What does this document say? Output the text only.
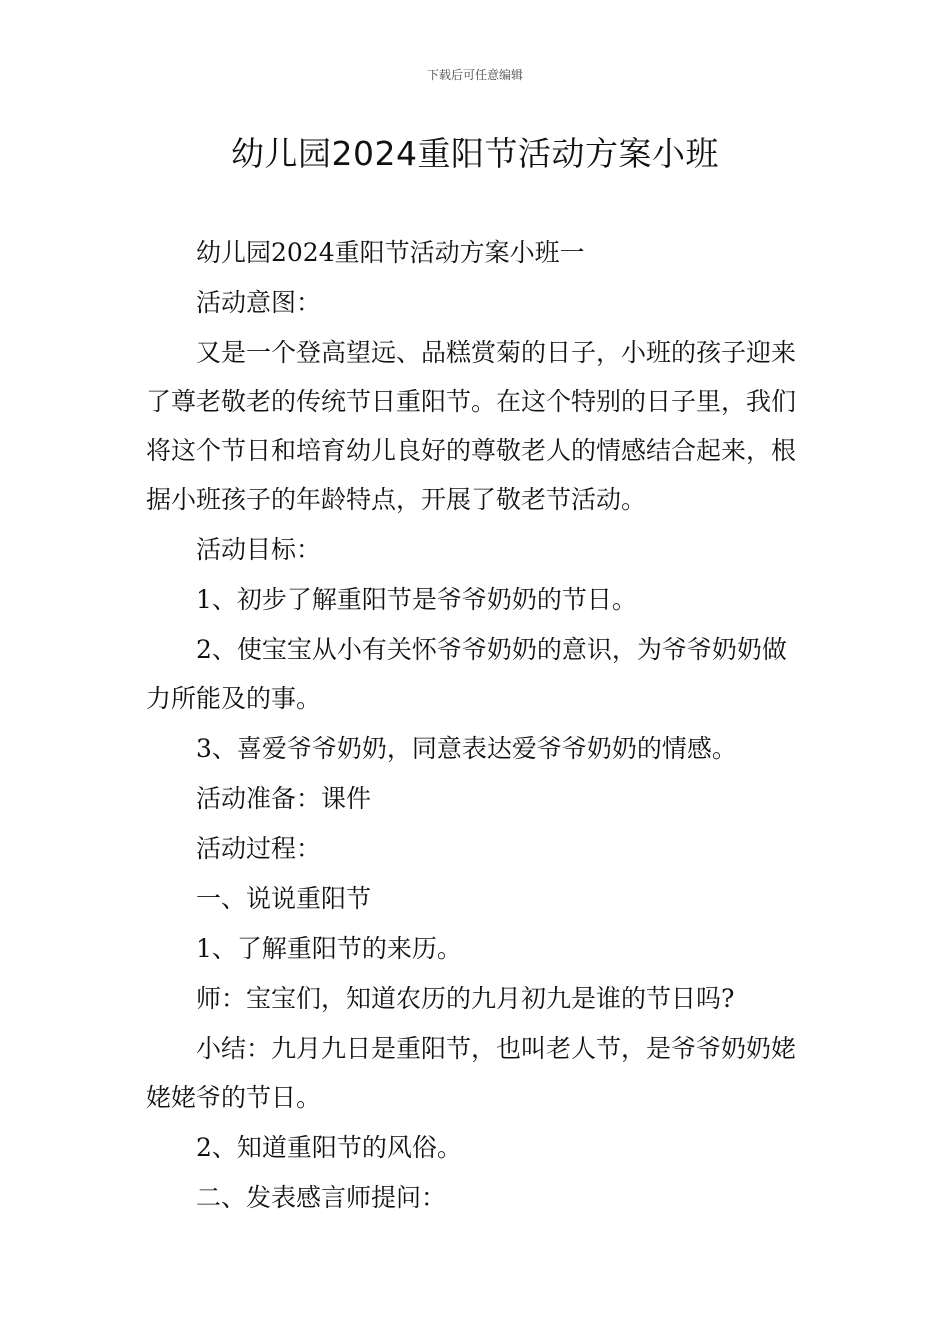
下载后可任意编辑
幼儿园2024重阳节活动方案小班

幼儿园2024重阳节活动方案小班一

活动意图：

又是一个登高望远、品糕赏菊的日子，小班的孩子迎来了尊老敬老的传统节日重阳节。在这个特别的日子里，我们将这个节日和培育幼儿良好的尊敬老人的情感结合起来，根据小班孩子的年龄特点，开展了敬老节活动。

活动目标：

1、初步了解重阳节是爷爷奶奶的节日。

2、使宝宝从小有关怀爷爷奶奶的意识，为爷爷奶奶做力所能及的事。

3、喜爱爷爷奶奶，同意表达爱爷爷奶奶的情感。

活动准备：课件

活动过程：

一、说说重阳节

1、了解重阳节的来历。

师：宝宝们，知道农历的九月初九是谁的节日吗?

小结：九月九日是重阳节，也叫老人节，是爷爷奶奶姥姥姥爷的节日。

2、知道重阳节的风俗。

二、发表感言师提问：
